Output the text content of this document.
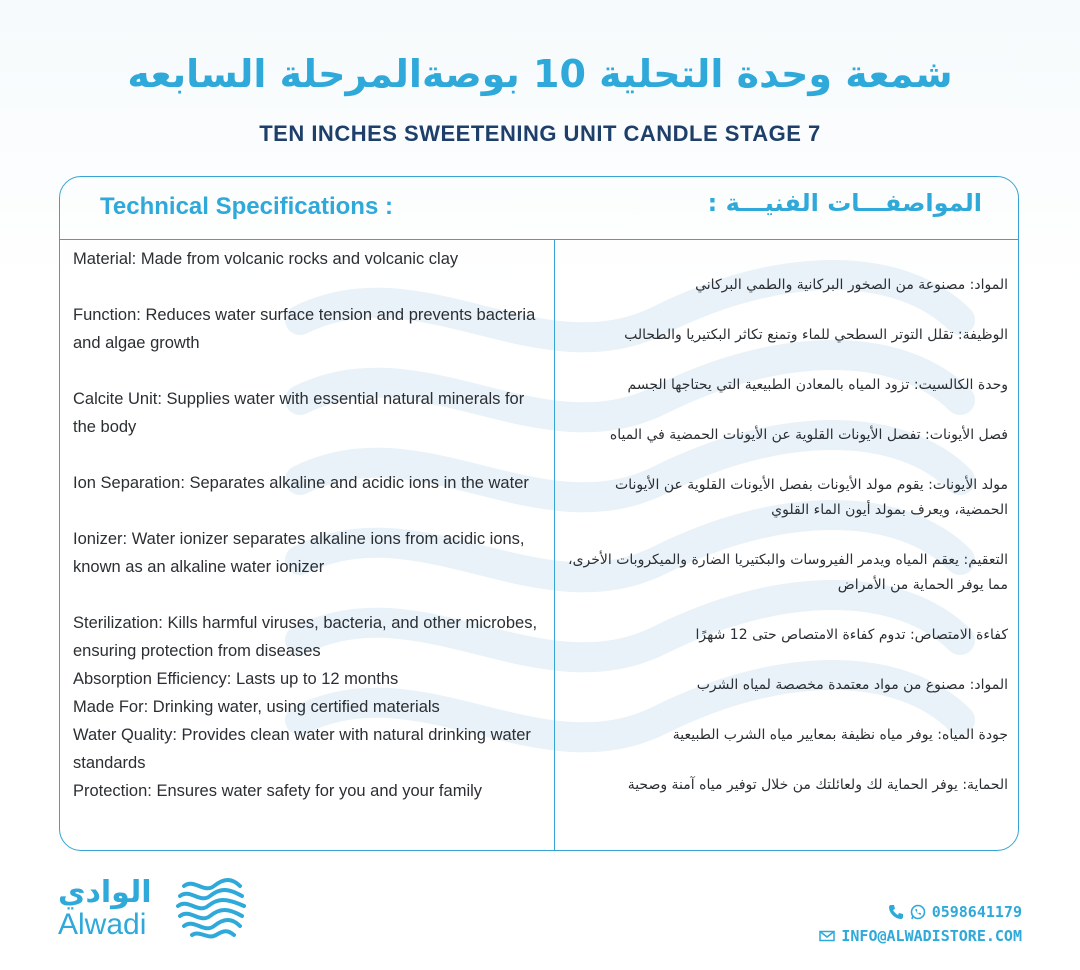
شمعة وحدة التحلية 10 بوصةالمرحلة السابعه
TEN INCHES SWEETENING UNIT CANDLE STAGE 7
Technical Specifications :	المواصفـــات الفنيـــة :

Material: Made from volcanic rocks and volcanic clay

Function: Reduces water surface tension and prevents bacteria and algae growth

Calcite Unit: Supplies water with essential natural minerals for the body

Ion Separation: Separates alkaline and acidic ions in the water

Ionizer: Water ionizer separates alkaline ions from acidic ions, known as an alkaline water ionizer

Sterilization: Kills harmful viruses, bacteria, and other microbes, ensuring protection from diseases

Absorption Efficiency: Lasts up to 12 months

Made For: Drinking water, using certified materials

Water Quality: Provides clean water with natural drinking water standards

Protection: Ensures water safety for you and your family

المواد: مصنوعة من الصخور البركانية والطمي البركاني

الوظيفة: تقلل التوتر السطحي للماء وتمنع تكاثر البكتيريا والطحالب

وحدة الكالسيت: تزود المياه بالمعادن الطبيعية التي يحتاجها الجسم

فصل الأيونات: تفصل الأيونات القلوية عن الأيونات الحمضية في المياه

مولد الأيونات: يقوم مولد الأيونات بفصل الأيونات القلوية عن الأيونات الحمضية، ويعرف بمولد أيون الماء القلوي

التعقيم: يعقم المياه ويدمر الفيروسات والبكتيريا الضارة والميكروبات الأخرى، مما يوفر الحماية من الأمراض

كفاءة الامتصاص: تدوم كفاءة الامتصاص حتى 12 شهرًا

المواد: مصنوع من مواد معتمدة مخصصة لمياه الشرب

جودة المياه: يوفر مياه نظيفة بمعايير مياه الشرب الطبيعية

الحماية: يوفر الحماية لك ولعائلتك من خلال توفير مياه آمنة وصحية

الوادي

Alwadi	0598641179
INFO@ALWADISTORE.COM
